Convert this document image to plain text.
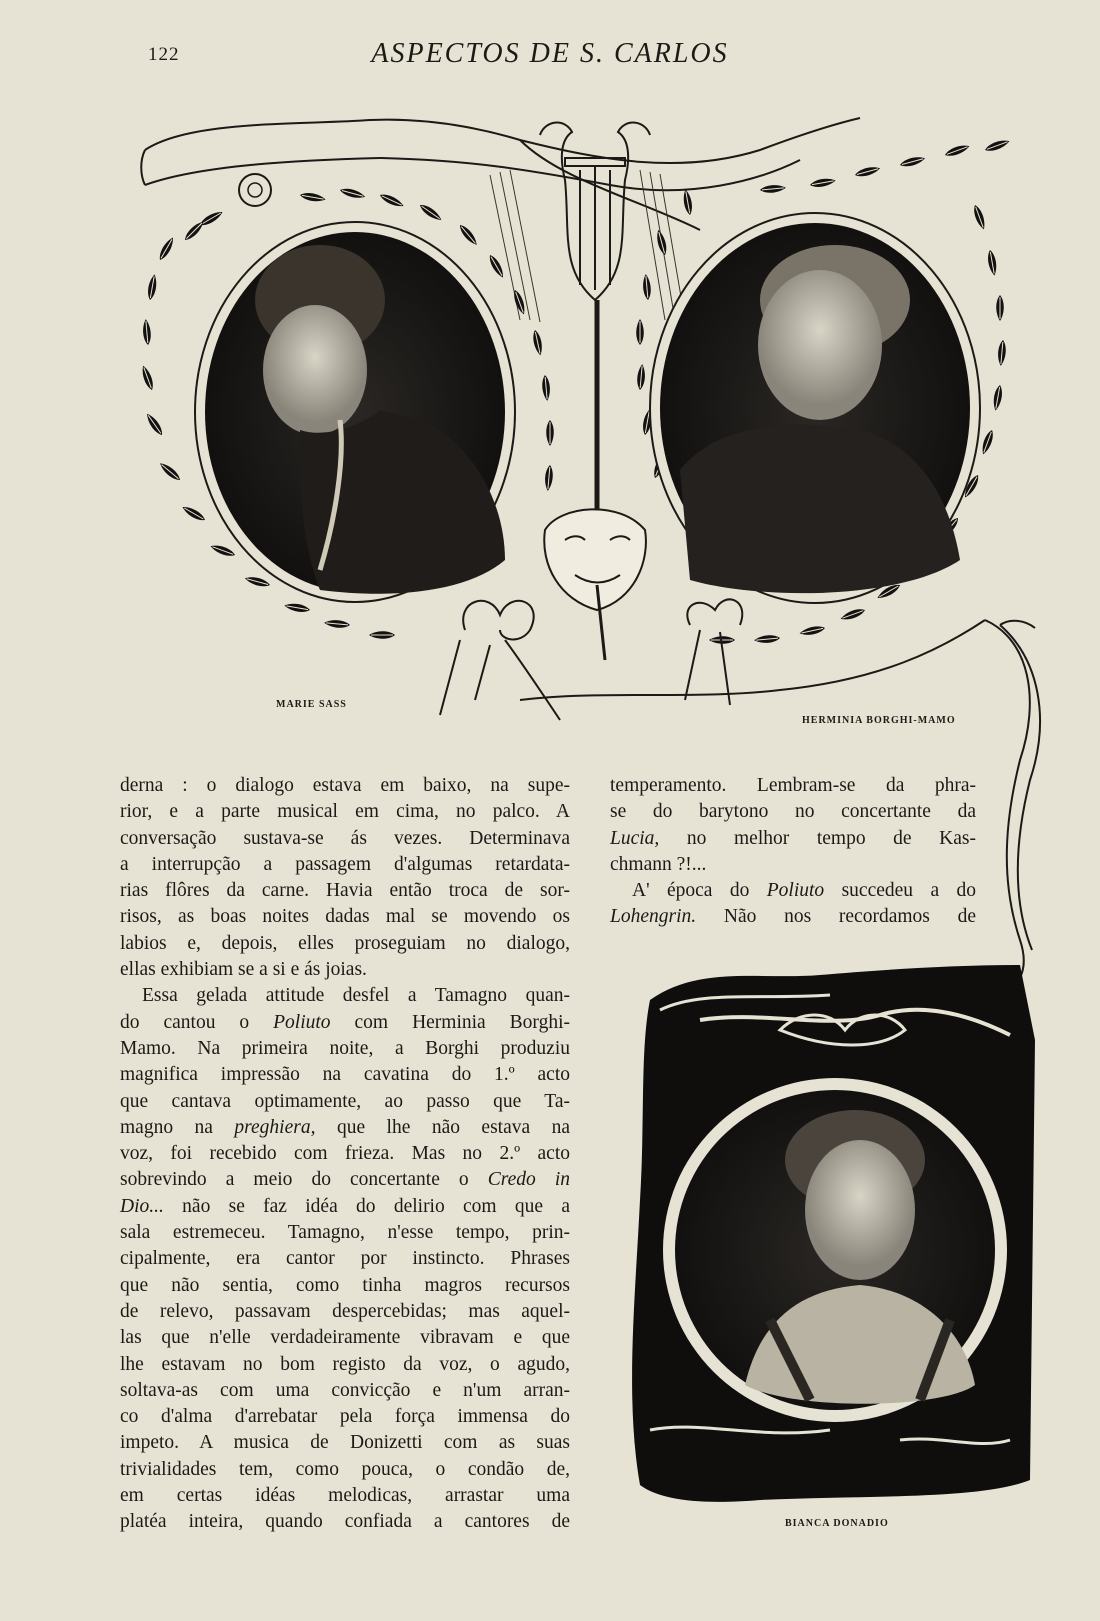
122	ASPECTOS DE S. CARLOS
MARIE SASS
HERMINIA BORGHI-MAMO
BIANCA DONADIO
derna : o dialogo estava em baixo, na supe-
rior, e a parte musical em cima, no palco. A
conversação sustava-se ás vezes. Determinava
a interrupção a passagem d'algumas retardata-
rias flôres da carne. Havia então troca de sor-
risos, as boas noites dadas mal se movendo os
labios e, depois, elles proseguiam no dialogo,
ellas exhibiam se a si e ás joias.
Essa gelada attitude desfel a Tamagno quan-
do cantou o Poliuto com Herminia Borghi-
Mamo. Na primeira noite, a Borghi produziu
magnifica impressão na cavatina do 1.º acto
que cantava optimamente, ao passo que Ta-
magno na preghiera, que lhe não estava na
voz, foi recebido com frieza. Mas no 2.º acto
sobrevindo a meio do concertante o Credo in
Dio... não se faz idéa do delirio com que a
sala estremeceu. Tamagno, n'esse tempo, prin-
cipalmente, era cantor por instincto. Phrases
que não sentia, como tinha magros recursos
de relevo, passavam despercebidas; mas aquel-
las que n'elle verdadeiramente vibravam e que
lhe estavam no bom registo da voz, o agudo,
soltava-as com uma convicção e n'um arran-
co d'alma d'arrebatar pela força immensa do
impeto. A musica de Donizetti com as suas
trivialidades tem, como pouca, o condão de,
em certas idéas melodicas, arrastar uma
platéa inteira, quando confiada a cantores de
temperamento. Lembram-se da phra-
se do barytono no concertante da
Lucia, no melhor tempo de Kas-
chmann ?!...
A' época do Poliuto succedeu a do
Lohengrin. Não nos recordamos de
